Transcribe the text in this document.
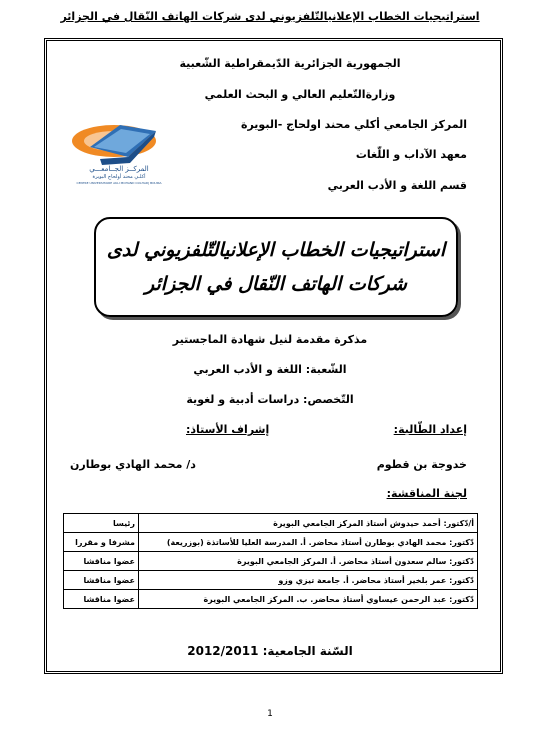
استراتيجيات الخطاب الإعلانيالتّلفزيوني لدى شركات الهاتف النّقال في الجزائر
الجمهورية الجزائرية الدّيمقراطية الشّعبية
وزارةالتّعليم العالي و البحث العلمي
المركز الجامعي أكلي محند اولحاج -البويرة
معهد الآداب و اللّغات
قسم اللغة و الأدب العربي
المركــز الجــامعـــي
أكلـي محند أولحاج البويرة
CENTRE UNIVERSITAIRE AKLI MOHAND OULHADJ BOUIRA
استراتيجيات الخطاب الإعلانيالتّلفزيوني لدى
شركات الهاتف النّقال في الجزائر
مذكرة مقدمة لنيل شهادة الماجستير
الشّعبة: اللغة و الأدب العربي
التّخصص: دراسات أدبية و لغوية
إعداد الطّالبة:
إشراف الأستاذ:
خدوجة بن قطوم
د/ محمد الهادي بوطارن
لجنة المناقشة:
أ/دّكتور: أحمد حيدوش أستاذ المركز الجامعي البويرة	رئيسا
دّكتور: محمد الهادي بوطارن أستاذ محاضر. أ. المدرسة العليا للأساتذة (بوزريعة)	مشرفا و مقررا
دّكتور: سالم سعدون أستاذ محاضر. أ. المركز الجامعي البويرة	عضوا مناقشا
دّكتور: عمر بلخير أستاذ محاضر. أ. جامعة تيزي وزو	عضوا مناقشا
دّكتور: عبد الرحمن عيساوي أستاذ محاضر. ب. المركز الجامعي البويرة	عضوا مناقشا
السّنة الجامعية: 2012/2011
1
